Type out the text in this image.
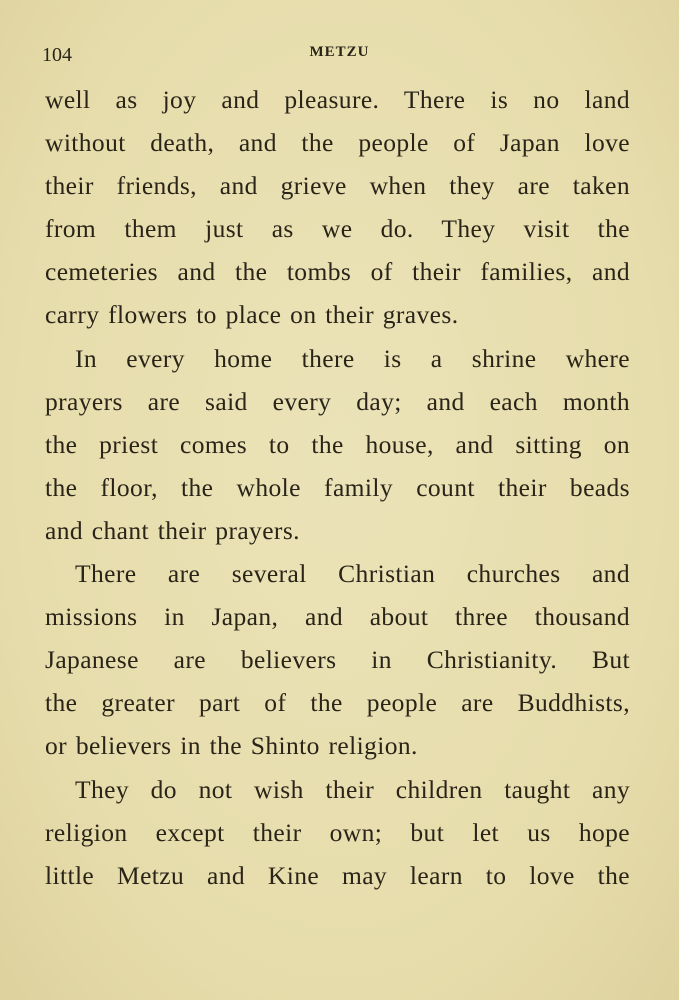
104	METZU
well as joy and pleasure. There is no land
without death, and the people of Japan love
their friends, and grieve when they are taken
from them just as we do. They visit the
cemeteries and the tombs of their families, and
carry flowers to place on their graves.
In every home there is a shrine where
prayers are said every day; and each month
the priest comes to the house, and sitting on
the floor, the whole family count their beads
and chant their prayers.
There are several Christian churches and
missions in Japan, and about three thousand
Japanese are believers in Christianity. But
the greater part of the people are Buddhists,
or believers in the Shinto religion.
They do not wish their children taught any
religion except their own; but let us hope
little Metzu and Kine may learn to love the
